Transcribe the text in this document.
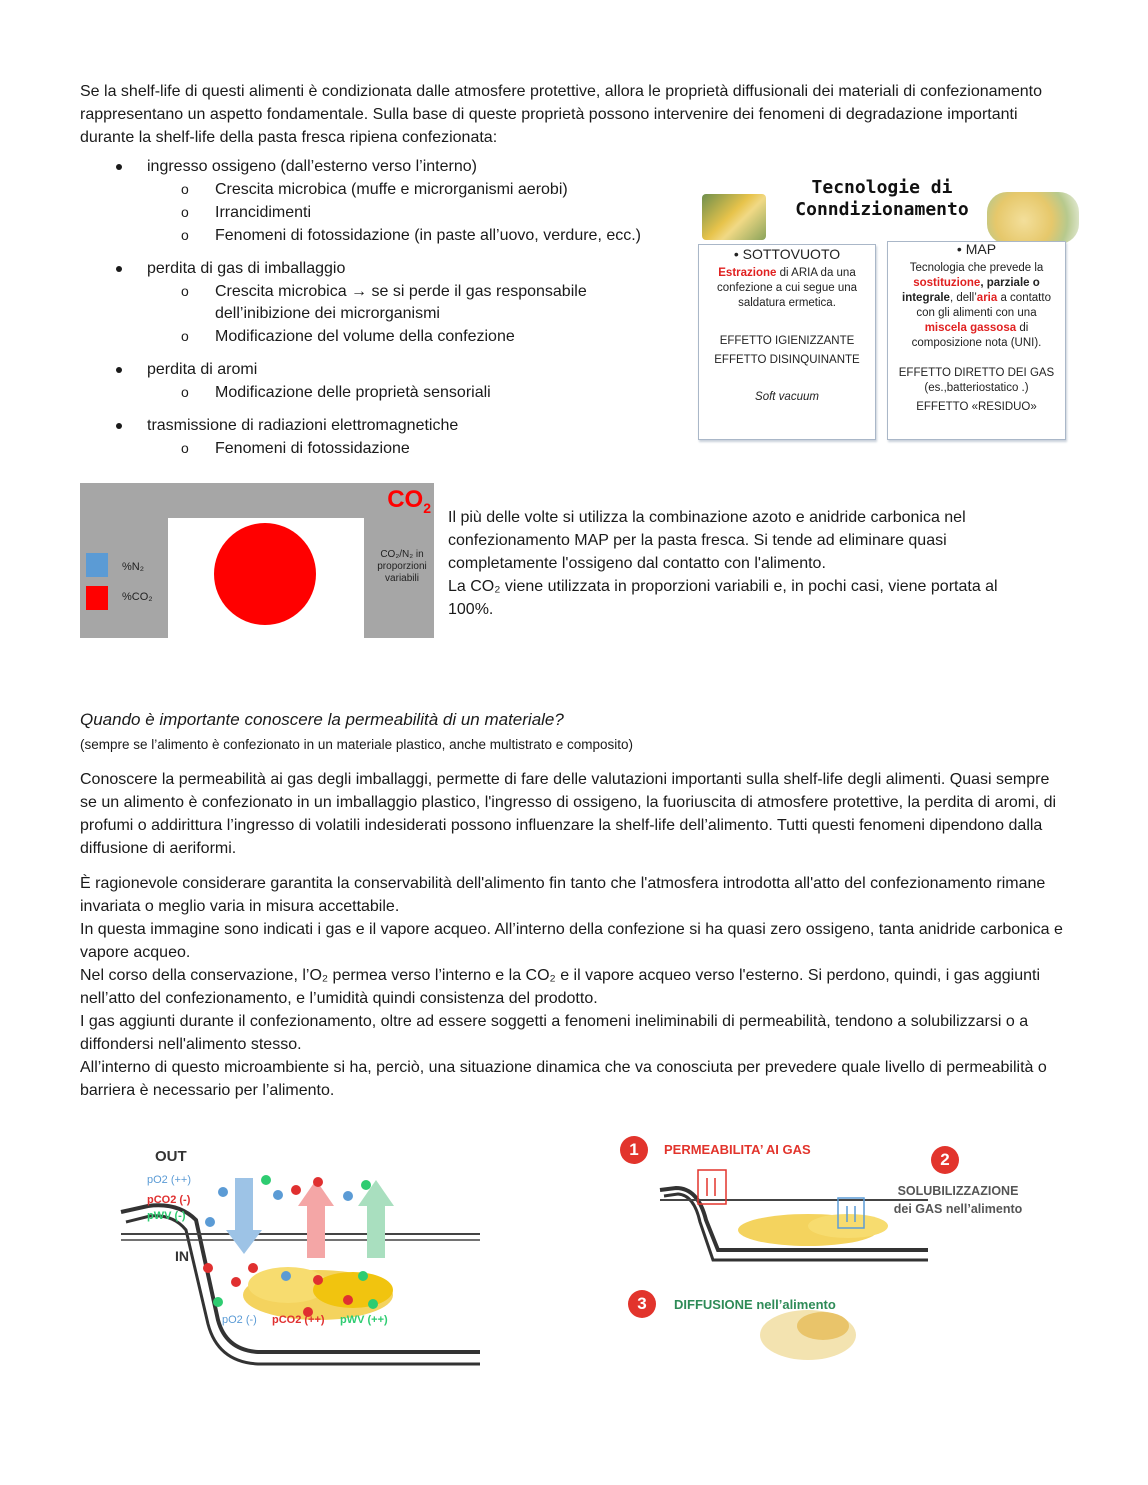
Se la shelf-life di questi alimenti è condizionata dalle atmosfere protettive, allora le proprietà diffusionali dei materiali di confezionamento rappresentano un aspetto fondamentale. Sulla base di queste proprietà possono intervenire dei fenomeni di degradazione importanti durante la shelf-life della pasta fresca ripiena confezionata:

ingresso ossigeno (dall’esterno verso l’interno)
o Crescita microbica (muffe e microrganismi aerobi)
o Irrancidimenti
o Fenomeni di fotossidazione (in paste all’uovo, verdure, ecc.)
perdita di gas di imballaggio
o Crescita microbica → se si perde il gas responsabile
dell’inibizione dei microrganismi
o Modificazione del volume della confezione
perdita di aromi
o Modificazione delle proprietà sensoriali
trasmissione di radiazioni elettromagnetiche
o Fenomeni di fotossidazione
Tecnologie di
Conndizionamento
• SOTTOVUOTO
Estrazione di ARIA da una
confezione a cui segue una
saldatura ermetica.
EFFETTO IGIENIZZANTE
EFFETTO DISINQUINANTE
Soft vacuum
• MAP
Tecnologia che prevede la
sostituzione, parziale o
integrale, dell’aria a contatto
con gli alimenti con una
miscela gassosa di
composizione nota (UNI).
EFFETTO DIRETTO DEI GAS
(es.,batteriostatico .)
EFFETTO «RESIDUO»
$CO_2$
CO₂/N₂ in proporzioni variabili
%N₂
%CO₂
Il più delle volte si utilizza la combinazione azoto e anidride carbonica nel
confezionamento MAP per la pasta fresca. Si tende ad eliminare quasi
completamente l'ossigeno dal contatto con l'alimento.
La CO₂ viene utilizzata in proporzioni variabili e, in pochi casi, viene portata al
100%.

Quando è importante conoscere la permeabilità di un materiale?

(sempre se l’alimento è confezionato in un materiale plastico, anche multistrato e composito)

Conoscere la permeabilità ai gas degli imballaggi, permette di fare delle valutazioni importanti sulla shelf-life degli alimenti. Quasi sempre se un alimento è confezionato in un imballaggio plastico, l'ingresso di ossigeno, la fuoriuscita di atmosfere protettive, la perdita di aromi, di profumi o addirittura l’ingresso di volatili indesiderati possono influenzare la shelf-life dell’alimento. Tutti questi fenomeni dipendono dalla diffusione di aeriformi.

È ragionevole considerare garantita la conservabilità dell'alimento fin tanto che l'atmosfera introdotta all'atto del confezionamento rimane invariata o meglio varia in misura accettabile.

In questa immagine sono indicati i gas e il vapore acqueo. All’interno della confezione si ha quasi zero ossigeno, tanta anidride carbonica e vapore acqueo.

Nel corso della conservazione, l’O₂ permea verso l’interno e la CO₂ e il vapore acqueo verso l'esterno. Si perdono, quindi, i gas aggiunti nell’atto del confezionamento, e l’umidità quindi consistenza del prodotto.

I gas aggiunti durante il confezionamento, oltre ad essere soggetti a fenomeni ineliminabili di permeabilità, tendono a solubilizzarsi o a diffondersi nell'alimento stesso.

All’interno di questo microambiente si ha, perciò, una situazione dinamica che va conosciuta per prevedere quale livello di permeabilità o barriera è necessario per l’alimento.

OUT
IN
pO2 (++)
pCO2 (-)
pWV (-)
pO2 (-) pCO2 (++) pWV (++)
1	PERMEABILITA’ AI GAS
2
SOLUBILIZZAZIONE
dei GAS nell’alimento
3	DIFFUSIONE nell’alimento
